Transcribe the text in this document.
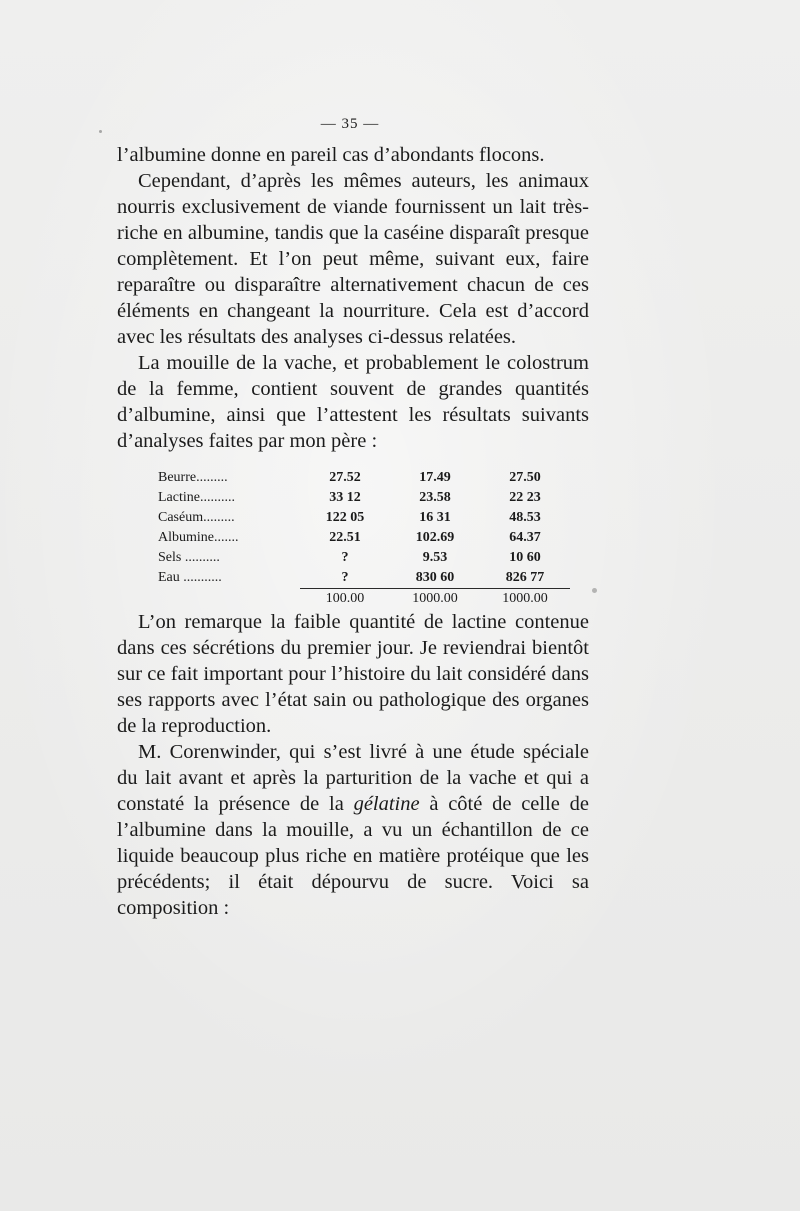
— 35 —

l’albumine donne en pareil cas d’abondants flocons.

Cependant, d’après les mêmes auteurs, les animaux nourris exclusivement de viande fournissent un lait très-riche en albumine, tandis que la caséine disparaît presque complètement. Et l’on peut même, suivant eux, faire reparaître ou disparaître alternativement chacun de ces éléments en changeant la nourriture. Cela est d’accord avec les résultats des analyses ci-dessus relatées.

La mouille de la vache, et probablement le colostrum de la femme, contient souvent de grandes quantités d’albumine, ainsi que l’attestent les résultats suivants d’analyses faites par mon père :

Beurre.........	27.52	17.49	27.50
Lactine..........	33 12	23.58	22 23
Caséum.........	122 05	16 31	48.53
Albumine.......	22.51	102.69	64.37
Sels ..........	?	9.53	10 60
Eau ...........	?	830 60	826 77
	100.00	1000.00	1000.00

L’on remarque la faible quantité de lactine contenue dans ces sécrétions du premier jour. Je reviendrai bientôt sur ce fait important pour l’histoire du lait considéré dans ses rapports avec l’état sain ou pathologique des organes de la reproduction.

M. Corenwinder, qui s’est livré à une étude spéciale du lait avant et après la parturition de la vache et qui a constaté la présence de la gélatine à côté de celle de l’albumine dans la mouille, a vu un échantillon de ce liquide beaucoup plus riche en matière protéique que les précédents; il était dépourvu de sucre. Voici sa composition :
